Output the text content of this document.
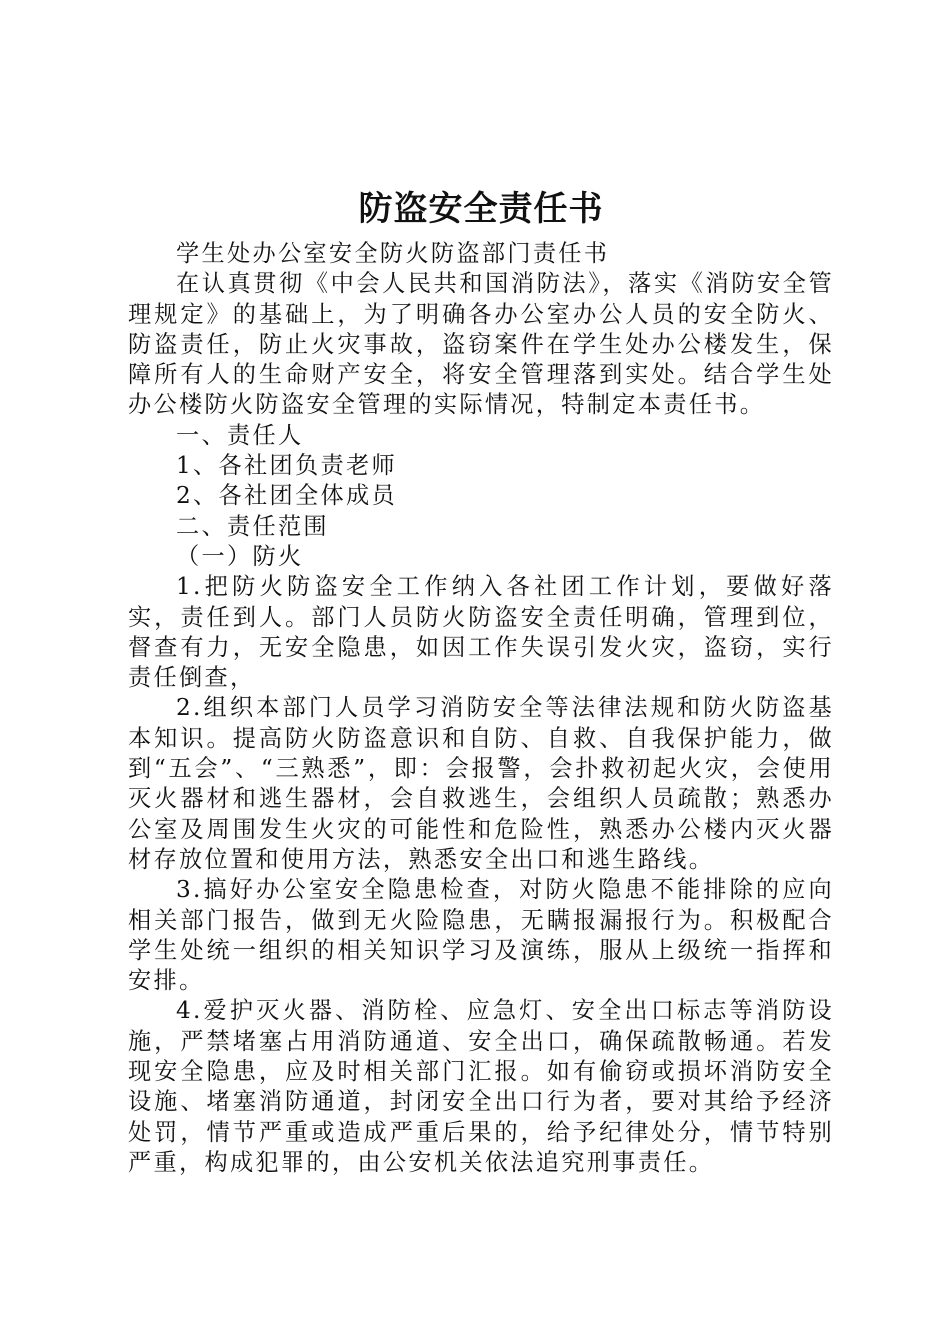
防盗安全责任书

学生处办公室安全防火防盗部门责任书

在认真贯彻《中会人民共和国消防法》，落实《消防安全管理规定》的基础上，为了明确各办公室办公人员的安全防火、防盗责任，防止火灾事故，盗窃案件在学生处办公楼发生，保障所有人的生命财产安全，将安全管理落到实处。结合学生处办公楼防火防盗安全管理的实际情况，特制定本责任书。

一、责任人

1、各社团负责老师

2、各社团全体成员

二、责任范围

（一）防火

1.把防火防盗安全工作纳入各社团工作计划，要做好落实，责任到人。部门人员防火防盗安全责任明确，管理到位，督查有力，无安全隐患，如因工作失误引发火灾，盗窃，实行责任倒查，

2.组织本部门人员学习消防安全等法律法规和防火防盗基本知识。提高防火防盗意识和自防、自救、自我保护能力，做到“五会”、“三熟悉”，即：会报警，会扑救初起火灾，会使用灭火器材和逃生器材，会自救逃生，会组织人员疏散；熟悉办公室及周围发生火灾的可能性和危险性，熟悉办公楼内灭火器材存放位置和使用方法，熟悉安全出口和逃生路线。

3.搞好办公室安全隐患检查，对防火隐患不能排除的应向相关部门报告，做到无火险隐患，无瞒报漏报行为。积极配合学生处统一组织的相关知识学习及演练，服从上级统一指挥和安排。

4.爱护灭火器、消防栓、应急灯、安全出口标志等消防设施，严禁堵塞占用消防通道、安全出口，确保疏散畅通。若发现安全隐患，应及时相关部门汇报。如有偷窃或损坏消防安全设施、堵塞消防通道，封闭安全出口行为者，要对其给予经济处罚，情节严重或造成严重后果的，给予纪律处分，情节特别严重，构成犯罪的，由公安机关依法追究刑事责任。
